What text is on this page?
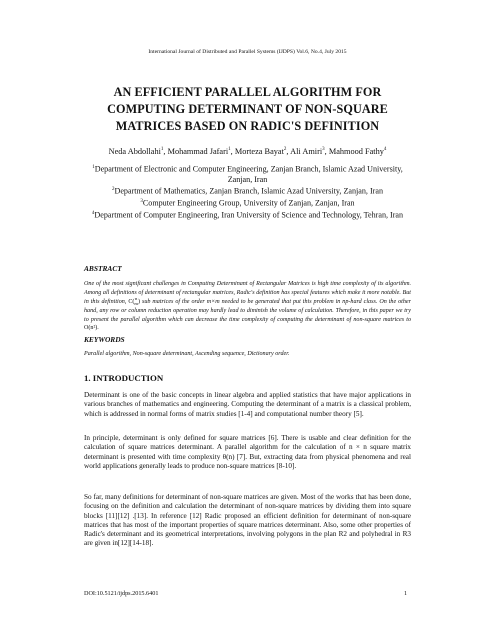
International Journal of Distributed and Parallel Systems (IJDPS) Vol.6, No.4, July 2015
AN EFFICIENT PARALLEL ALGORITHM FOR
COMPUTING DETERMINANT OF NON-SQUARE
MATRICES BASED ON RADIC'S DEFINITION
Neda Abdollahi$^1$, Mohammad Jafari$^1$, Morteza Bayat$^2$, Ali Amiri$^3$, Mahmood Fathy$^4$
$^1$Department of Electronic and Computer Engineering, Zanjan Branch, Islamic Azad University, Zanjan, Iran
$^2$Department of Mathematics, Zanjan Branch, Islamic Azad University, Zanjan, Iran
$^3$Computer Engineering Group, University of Zanjan, Zanjan, Iran
$^4$Department of Computer Engineering, Iran University of Science and Technology, Tehran, Iran
ABSTRACT
One of the most significant challenges in Computing Determinant of Rectangular Matrices is high time complexity of its algorithm. Among all definitions of determinant of rectangular matrices, Radic's definition has special features which make it more notable. But in this definition, C(n
m) sub matrices of the order m×m needed to be generated that put this problem in np-hard class. On the other hand, any row or column reduction operation may hardly lead to diminish the volume of calculation. Therefore, in this paper we try to present the parallel algorithm which can decrease the time complexity of computing the determinant of non-square matrices to O(n²).
KEYWORDS
Parallel algorithm, Non-square determinant, Ascending sequence, Dictionary order.
1. INTRODUCTION
Determinant is one of the basic concepts in linear algebra and applied statistics that have major applications in various branches of mathematics and engineering. Computing the determinant of a matrix is a classical problem, which is addressed in normal forms of matrix studies [1-4] and computational number theory [5].
In principle, determinant is only defined for square matrices [6]. There is usable and clear definition for the calculation of square matrices determinant. A parallel algorithm for the calculation of n × n square matrix determinant is presented with time complexity θ(n) [7]. But, extracting data from physical phenomena and real world applications generally leads to produce non-square matrices [8-10].
So far, many definitions for determinant of non-square matrices are given. Most of the works that has been done, focusing on the definition and calculation the determinant of non-square matrices by dividing them into square blocks [11][12] .[13]. In reference [12] Radic proposed an efficient definition for determinant of non-square matrices that has most of the important properties of square matrices determinant. Also, some other properties of Radic's determinant and its geometrical interpretations, involving polygons in the plan R2 and polyhedral in R3 are given in[12][14-18].
DOI:10.5121/ijdps.2015.6401	1
